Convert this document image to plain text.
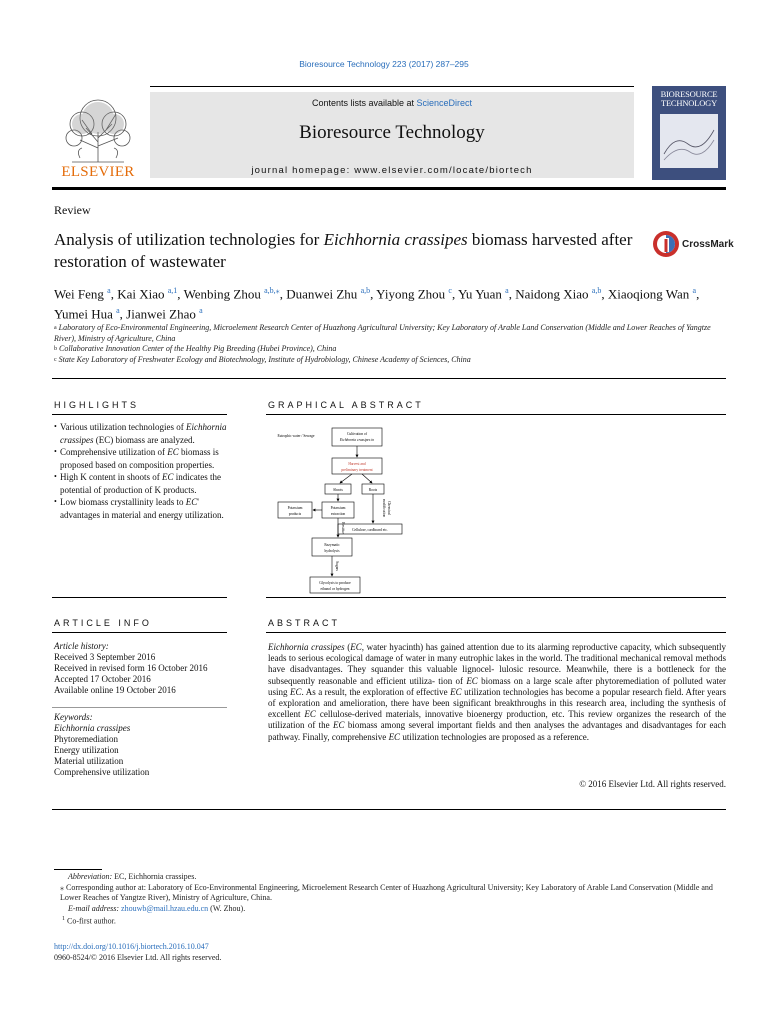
Bioresource Technology 223 (2017) 287–295
ELSEVIER
Contents lists available at ScienceDirect
Bioresource Technology
journal homepage: www.elsevier.com/locate/biortech
BIORESOURCE TECHNOLOGY
Review
Analysis of utilization technologies for Eichhornia crassipes biomass harvested after restoration of wastewater
CrossMark
Wei Feng $^a$, Kai Xiao $^{a,1}$, Wenbing Zhou $^{a,b,⁎}$, Duanwei Zhu $^{a,b}$, Yiyong Zhou $^c$, Yu Yuan $^a$, Naidong Xiao $^{a,b}$, Xiaoqiong Wan $^a$, Yumei Hua $^a$, Jianwei Zhao $^a$
$^a$ Laboratory of Eco-Environmental Engineering, Microelement Research Center of Huazhong Agricultural University; Key Laboratory of Arable Land Conservation (Middle and Lower Reaches of Yangtze River), Ministry of Agriculture, China
$^b$ Collaborative Innovation Center of the Healthy Pig Breeding (Hubei Province), China
$^c$ State Key Laboratory of Freshwater Ecology and Biotechnology, Institute of Hydrobiology, Chinese Academy of Sciences, China
HIGHLIGHTS	GRAPHICAL ABSTRACT
• Various utilization technologies of Eichhornia crassipes (EC) biomass are analyzed.
• Comprehensive utilization of EC biomass is proposed based on composition properties.
• High K content in shoots of EC indicates the potential of production of K products.
• Low biomass crystallinity leads to EC' advantages in material and energy utilization.
Eutrophic water / Sewage	Cultivation of
Eichhornia crassipes in
Harvest and
preliminary treatment
Shoots	Roots
Potassium
products
Potassium
extraction
Cellulose, cardboard etc.
Enzymatic
hydrolysis
Glycolysis to produce
ethanol or hydrogen
Residue
Sugars
Chemical
modification
ARTICLE INFO	ABSTRACT
Article history:
Received 3 September 2016
Received in revised form 16 October 2016
Accepted 17 October 2016
Available online 19 October 2016
Keywords:
Eichhornia crassipes
Phytoremediation
Energy utilization
Material utilization
Comprehensive utilization
Eichhornia crassipes (EC, water hyacinth) has gained attention due to its alarming reproductive capacity, which subsequently leads to serious ecological damage of water in many eutrophic lakes in the world. The traditional mechanical removal methods have disadvantages. They squander this valuable lignocel- lulosic resource. Meanwhile, there is a bottleneck for the subsequently reasonable and efficient utiliza- tion of EC biomass on a large scale after phytoremediation of polluted water using EC. As a result, the exploration of effective EC utilization technologies has become a popular research field. After years of exploration and amelioration, there have been significant breakthroughs in this research area, including the synthesis of excellent EC cellulose-derived materials, innovative bioenergy production, etc. This review organizes the research of the utilization of the EC biomass among several important fields and then analyses the advantages and disadvantages for each pathway. Finally, comprehensive EC utilization technologies are proposed as a reference.
© 2016 Elsevier Ltd. All rights reserved.
Abbreviation: EC, Eichhornia crassipes.
⁎ Corresponding author at: Laboratory of Eco-Environmental Engineering, Microelement Research Center of Huazhong Agricultural University; Key Laboratory of Arable Land Conservation (Middle and Lower Reaches of Yangtze River), Ministry of Agriculture, China.
E-mail address: zhouwb@mail.hzau.edu.cn (W. Zhou).
$^1$ Co-first author.
http://dx.doi.org/10.1016/j.biortech.2016.10.047
0960-8524/© 2016 Elsevier Ltd. All rights reserved.
